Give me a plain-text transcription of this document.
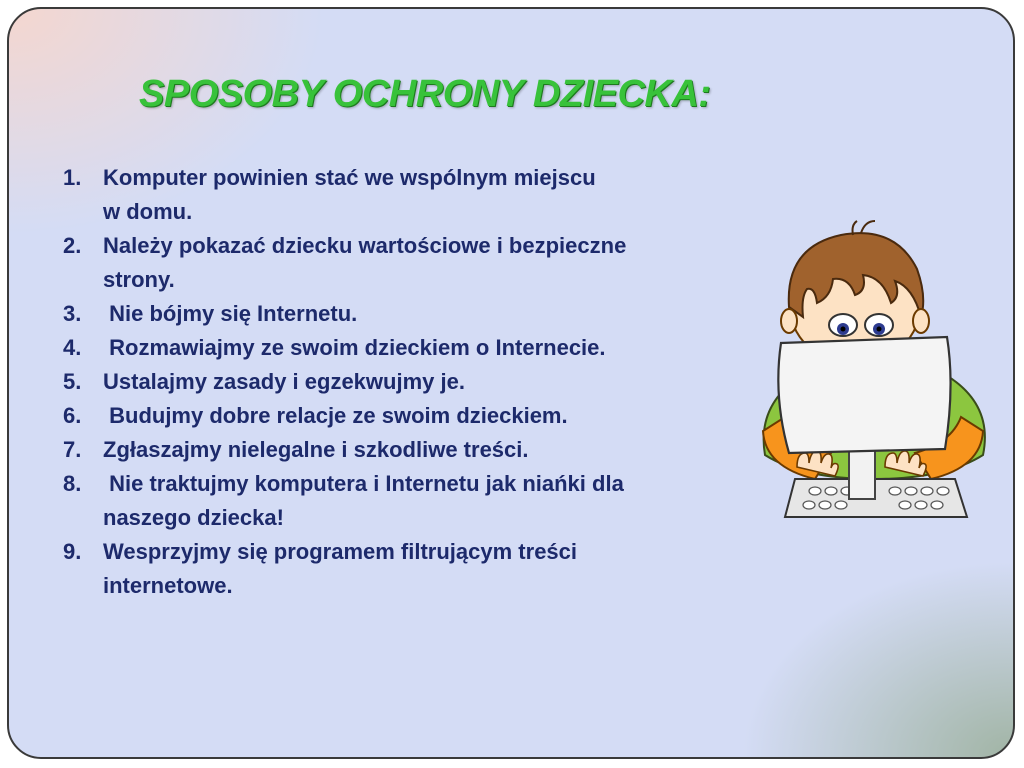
SPOSOBY OCHRONY DZIECKA:
1. Komputer powinien stać we wspólnym miejscu
w domu.
2. Należy pokazać dziecku wartościowe i bezpieczne
strony.
3. Nie bójmy się Internetu.
4. Rozmawiajmy ze swoim dzieckiem o Internecie.
5. Ustalajmy zasady i egzekwujmy je.
6. Budujmy dobre relacje ze swoim dzieckiem.
7. Zgłaszajmy nielegalne i szkodliwe treści.
8. Nie traktujmy komputera i Internetu jak niańki dla
naszego dziecka!
9. Wesprzyjmy się programem filtrującym treści
internetowe.
